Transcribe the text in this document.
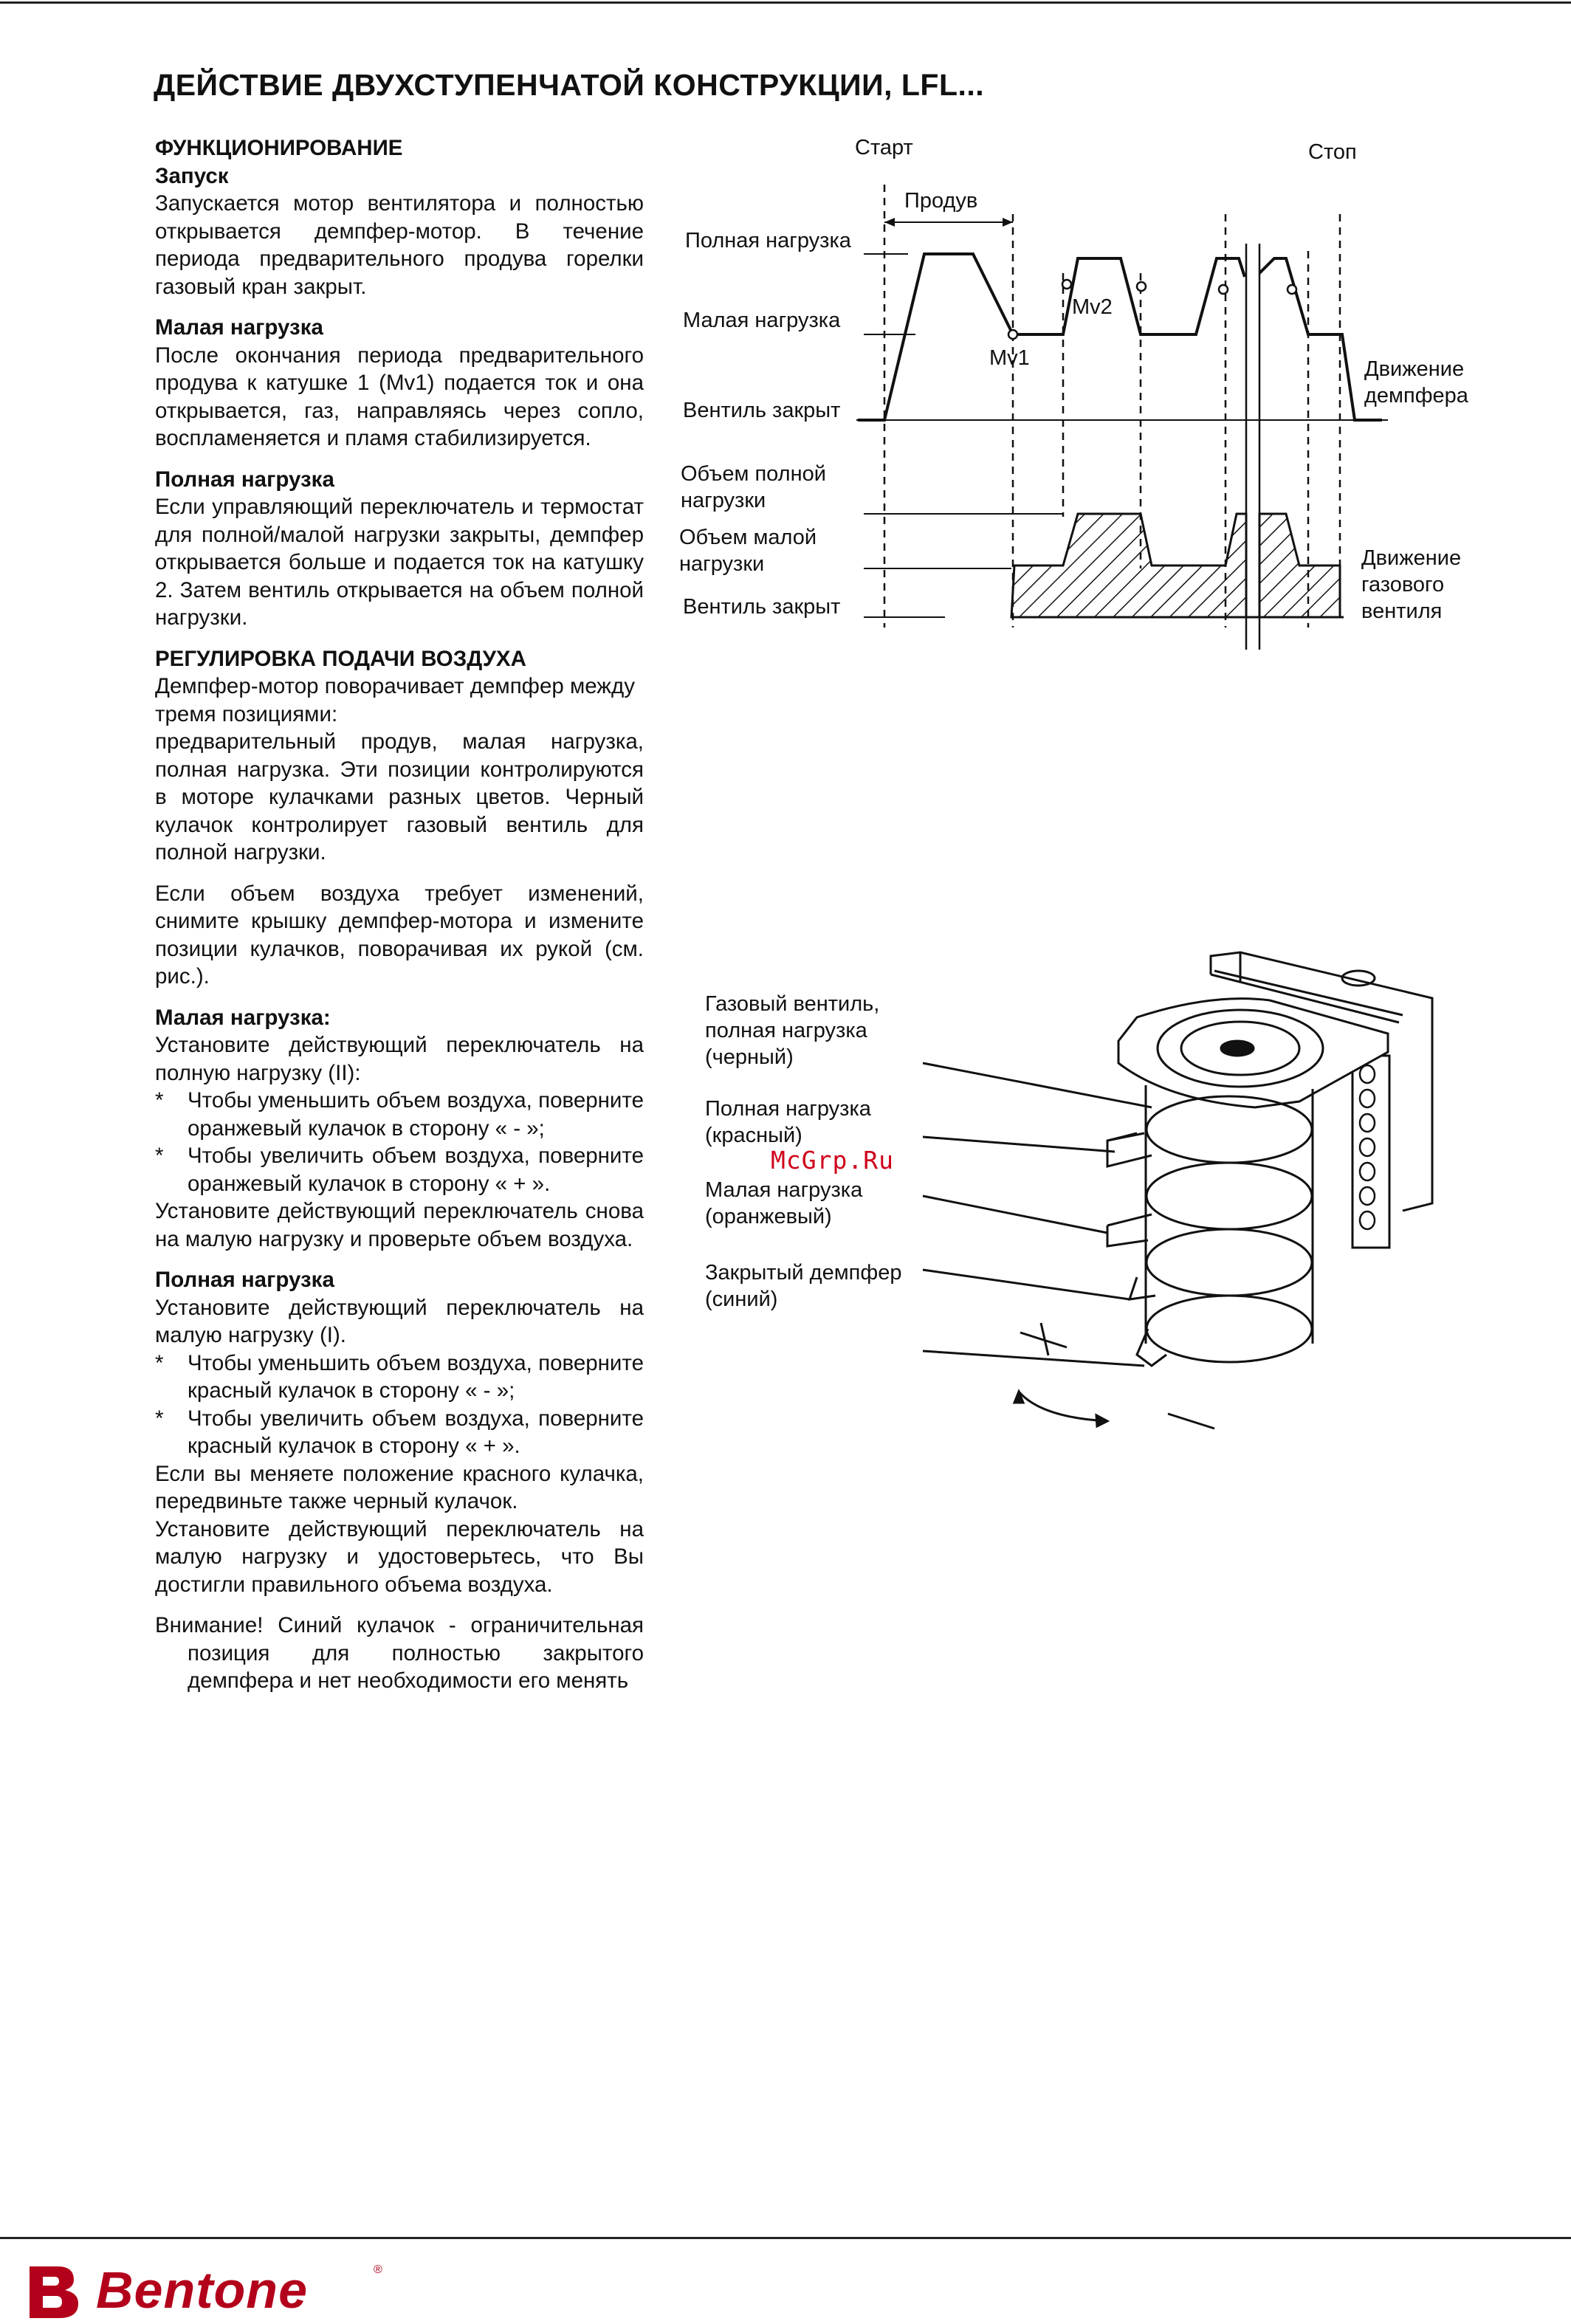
ДЕЙСТВИЕ ДВУХСТУПЕНЧАТОЙ КОНСТРУКЦИИ, LFL...

ФУНКЦИОНИРОВАНИЕ

Запуск

Запускается мотор вентилятора и полностью открывается демпфер-мотор. В течение периода предварительного продува горелки газовый кран закрыт.

Малая нагрузка

После окончания периода предварительного продува к катушке 1 (Mv1) подается ток и она открывается, газ, направляясь через сопло, воспламеняется и пламя стабилизируется.

Полная нагрузка

Если управляющий переключатель и термостат для полной/малой нагрузки закрыты, демпфер открывается больше и подается ток на катушку 2. Затем вентиль открывается на объем полной нагрузки.

РЕГУЛИРОВКА ПОДАЧИ ВОЗДУХА

Демпфер-мотор поворачивает демпфер между тремя позициями:

предварительный продув, малая нагрузка, полная нагрузка. Эти позиции контролируются в моторе кулачками разных цветов. Черный кулачок контролирует газовый вентиль для полной нагрузки.

Если объем воздуха требует изменений, снимите крышку демпфер-мотора и измените позиции кулачков, поворачивая их рукой (см. рис.).

Малая нагрузка:

Установите действующий переключатель на полную нагрузку (II):

* Чтобы уменьшить объем воздуха, поверните оранжевый кулачок в сторону « - »;
* Чтобы увеличить объем воздуха, поверните оранжевый кулачок в сторону « + ».

Установите действующий переключатель снова на малую нагрузку и проверьте объем воздуха.

Полная нагрузка

Установите действующий переключатель на малую нагрузку (I).

* Чтобы уменьшить объем воздуха, поверните красный кулачок в сторону « - »;
* Чтобы увеличить объем воздуха, поверните красный кулачок в сторону « + ».

Если вы меняете положение красного кулачка, передвиньте также черный кулачок.

Установите действующий переключатель на малую нагрузку и удостоверьтесь, что Вы достигли правильного объема воздуха.

Внимание! Синий кулачок - ограничительная позиция для полностью закрытого демпфера и нет необходимости его менять

Старт	Стоп
Продув
Полная нагрузка
Малая нагрузка
Вентиль закрыт
Mv1
Mv2
Движение демпфера
Объем полной нагрузки
Объем малой нагрузки
Вентиль закрыт
Движение газового вентиля
Газовый вентиль, полная нагрузка (черный)
Полная нагрузка (красный)
Малая нагрузка (оранжевый)
Закрытый демпфер (синий)
+ −
McGrp.Ru
Bentone	®
